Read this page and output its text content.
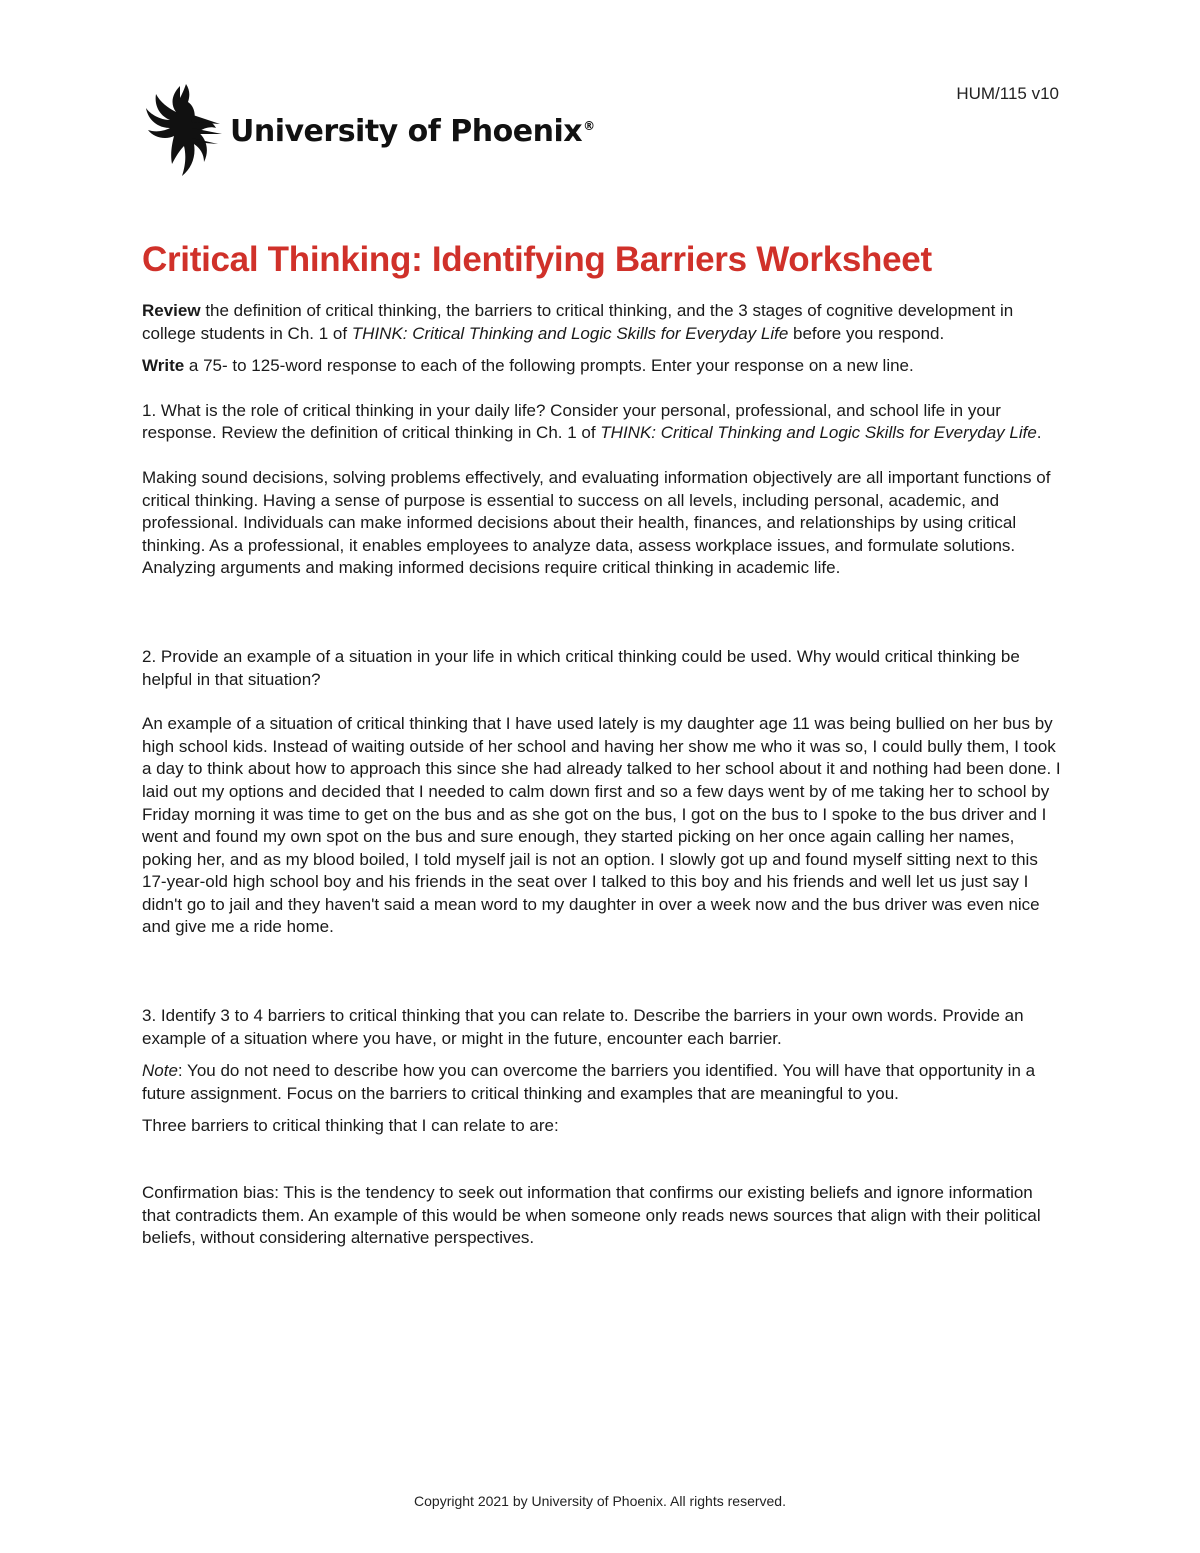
HUM/115 v10
University of Phoenix®
Critical Thinking: Identifying Barriers Worksheet

Review the definition of critical thinking, the barriers to critical thinking, and the 3 stages of cognitive development in college students in Ch. 1 of THINK: Critical Thinking and Logic Skills for Everyday Life before you respond.

Write a 75- to 125-word response to each of the following prompts. Enter your response on a new line.

1. What is the role of critical thinking in your daily life? Consider your personal, professional, and school life in your response. Review the definition of critical thinking in Ch. 1 of THINK: Critical Thinking and Logic Skills for Everyday Life.

Making sound decisions, solving problems effectively, and evaluating information objectively are all important functions of critical thinking. Having a sense of purpose is essential to success on all levels, including personal, academic, and professional. Individuals can make informed decisions about their health, finances, and relationships by using critical thinking. As a professional, it enables employees to analyze data, assess workplace issues, and formulate solutions. Analyzing arguments and making informed decisions require critical thinking in academic life.

2. Provide an example of a situation in your life in which critical thinking could be used. Why would critical thinking be helpful in that situation?

An example of a situation of critical thinking that I have used lately is my daughter age 11 was being bullied on her bus by high school kids. Instead of waiting outside of her school and having her show me who it was so, I could bully them, I took a day to think about how to approach this since she had already talked to her school about it and nothing had been done. I laid out my options and decided that I needed to calm down first and so a few days went by of me taking her to school by Friday morning it was time to get on the bus and as she got on the bus, I got on the bus to I spoke to the bus driver and I went and found my own spot on the bus and sure enough, they started picking on her once again calling her names, poking her, and as my blood boiled, I told myself jail is not an option. I slowly got up and found myself sitting next to this 17-year-old high school boy and his friends in the seat over I talked to this boy and his friends and well let us just say I didn't go to jail and they haven't said a mean word to my daughter in over a week now and the bus driver was even nice and give me a ride home.

3. Identify 3 to 4 barriers to critical thinking that you can relate to. Describe the barriers in your own words. Provide an example of a situation where you have, or might in the future, encounter each barrier.

Note: You do not need to describe how you can overcome the barriers you identified. You will have that opportunity in a future assignment. Focus on the barriers to critical thinking and examples that are meaningful to you.

Three barriers to critical thinking that I can relate to are:

Confirmation bias: This is the tendency to seek out information that confirms our existing beliefs and ignore information that contradicts them. An example of this would be when someone only reads news sources that align with their political beliefs, without considering alternative perspectives.

Copyright 2021 by University of Phoenix. All rights reserved.
